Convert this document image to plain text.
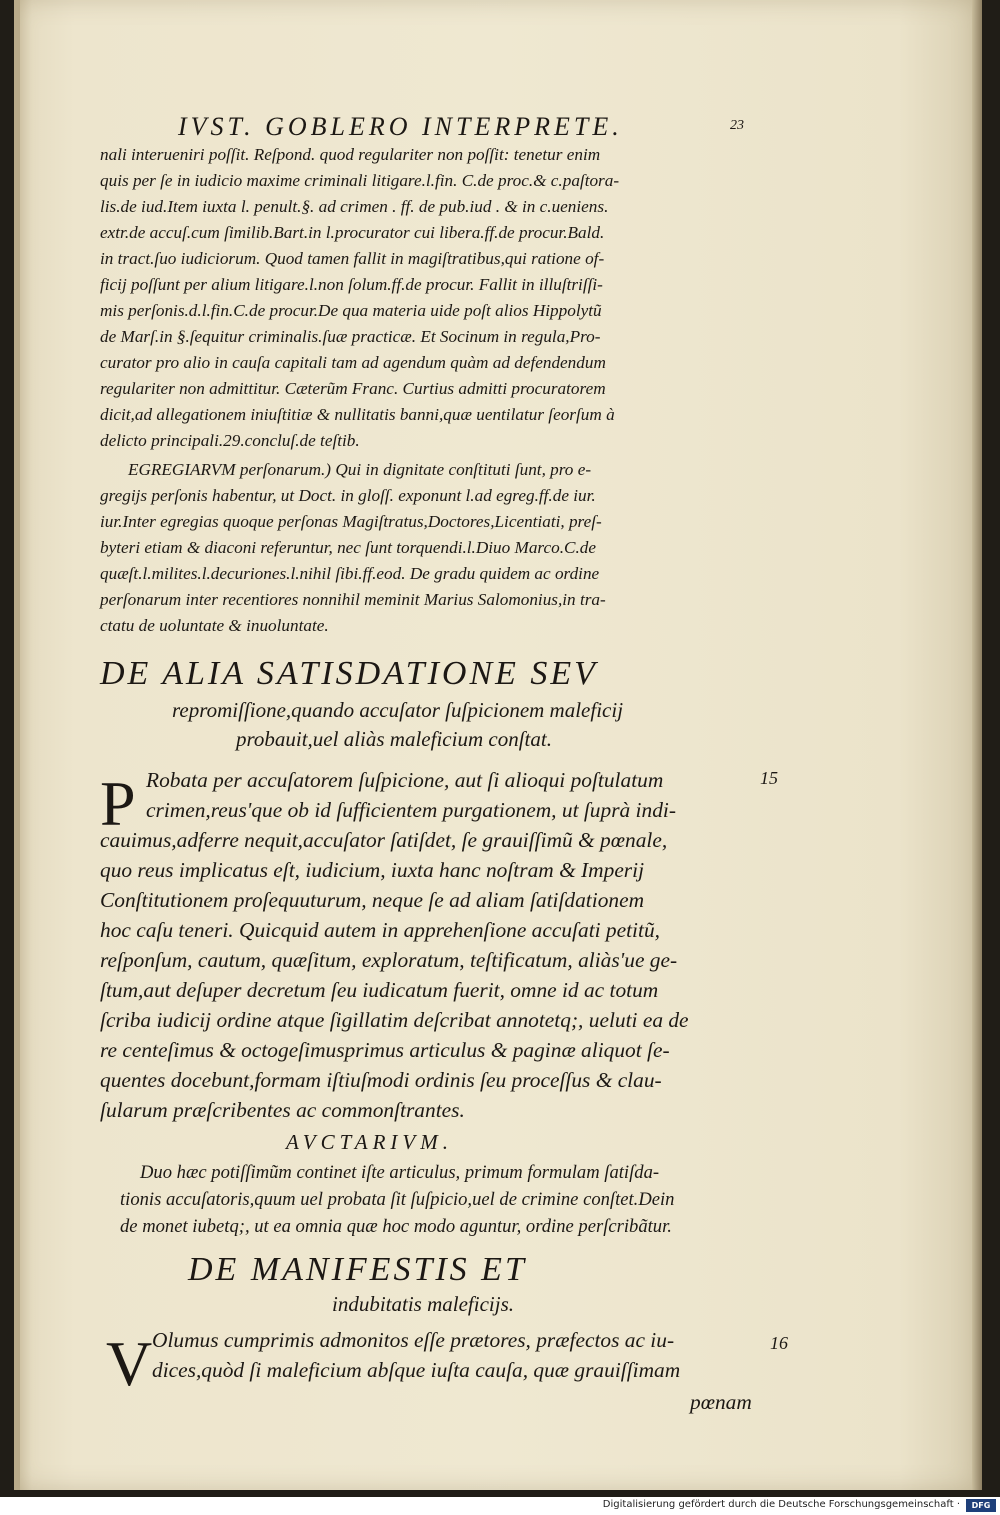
IVST. GOBLERO INTERPRETE.	23
nali interueniri poſſit. Reſpond. quod regulariter non poſſit: tenetur enim
quis per ſe in iudicio maxime criminali litigare.l.fin. C.de proc.& c.paſtora-
lis.de iud.Item iuxta l. penult.§. ad crimen . ff. de pub.iud . & in c.ueniens.
extr.de accuſ.cum ſimilib.Bart.in l.procurator cui libera.ff.de procur.Bald.
in tract.ſuo iudiciorum. Quod tamen fallit in magiſtratibus,qui ratione of-
ficij poſſunt per alium litigare.l.non ſolum.ff.de procur. Fallit in illuſtriſſi-
mis perſonis.d.l.fin.C.de procur.De qua materia uide poſt alios Hippolytũ
de Marſ.in §.ſequitur criminalis.ſuæ practicæ. Et Socinum in regula,Pro-
curator pro alio in cauſa capitali tam ad agendum quàm ad defendendum
regulariter non admittitur. Cæterũm Franc. Curtius admitti procuratorem
dicit,ad allegationem iniuſtitiæ & nullitatis banni,quæ uentilatur ſeorſum à
delicto principali.29.concluſ.de teſtib.
EGREGIARVM perſonarum.) Qui in dignitate conſtituti ſunt, pro e-
gregijs perſonis habentur, ut Doct. in gloſſ. exponunt l.ad egreg.ff.de iur.
iur.Inter egregias quoque perſonas Magiſtratus,Doctores,Licentiati, preſ-
byteri etiam & diaconi referuntur, nec ſunt torquendi.l.Diuo Marco.C.de
quæſt.l.milites.l.decuriones.l.nihil ſibi.ff.eod. De gradu quidem ac ordine
perſonarum inter recentiores nonnihil meminit Marius Salomonius,in tra-
ctatu de uoluntate & inuoluntate.
DE ALIA SATISDATIONE SEV
repromiſſione,quando accuſator ſuſpicionem maleficij
probauit,uel aliàs maleficium conſtat.
15
P Robata per accuſatorem ſuſpicione, aut ſi alioqui poſtulatum
crimen,reus'que ob id ſufficientem purgationem, ut ſuprà indi-
cauimus,adferre nequit,accuſator ſatiſdet, ſe grauiſſimũ & pœnale,
quo reus implicatus eſt, iudicium, iuxta hanc noſtram & Imperij
Conſtitutionem proſequuturum, neque ſe ad aliam ſatiſdationem
hoc caſu teneri. Quicquid autem in apprehenſione accuſati petitũ,
reſponſum, cautum, quæſitum, exploratum, teſtificatum, aliàs'ue ge-
ſtum,aut deſuper decretum ſeu iudicatum fuerit, omne id ac totum
ſcriba iudicij ordine atque ſigillatim deſcribat annotetq;, ueluti ea de
re centeſimus & octogeſimusprimus articulus & paginæ aliquot ſe-
quentes docebunt,formam iſtiuſmodi ordinis ſeu proceſſus & clau-
ſularum præſcribentes ac commonſtrantes.
AVCTARIVM.
Duo hæc potiſſimũm continet iſte articulus, primum formulam ſatiſda-
tionis accuſatoris,quum uel probata ſit ſuſpicio,uel de crimine conſtet.Dein
de monet iubetq;, ut ea omnia quæ hoc modo aguntur, ordine perſcribãtur.
DE MANIFESTIS ET
indubitatis maleficijs.
16
V Olumus cumprimis admonitos eſſe prætores, præfectos ac iu-
dices,quòd ſi maleficium abſque iuſta cauſa, quæ grauiſſimam
pœnam
Digitalisierung gefördert durch die Deutsche Forschungsgemeinschaft ·	DFG
